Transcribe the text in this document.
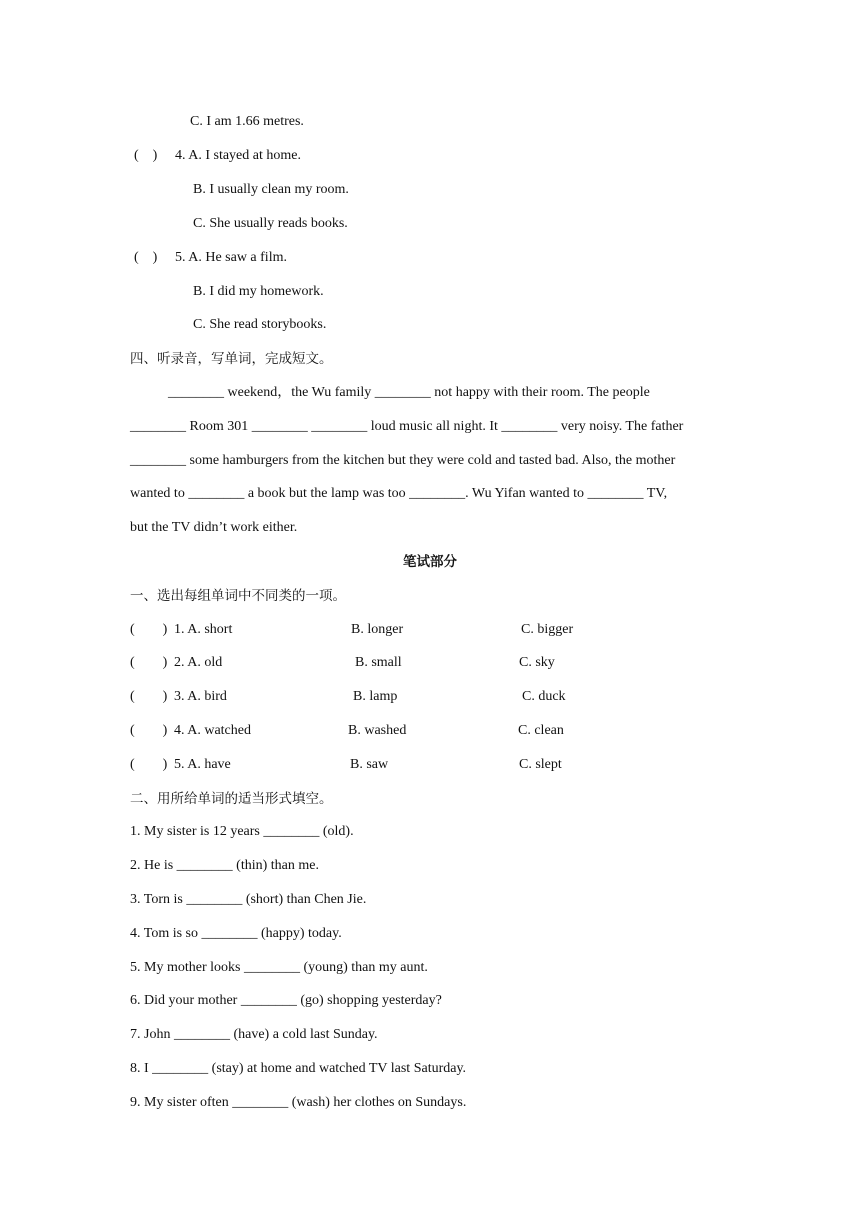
C. I am 1.66 metres.
(    ) 4. A. I stayed at home.
B. I usually clean my room.
C. She usually reads books.
(    ) 5. A. He saw a film.
B. I did my homework.
C. She read storybooks.
四、听录音，写单词，完成短文。
________ weekend，the Wu family ________ not happy with their room. The people
________ Room 301 ________ ________ loud music all night. It ________ very noisy. The father
________ some hamburgers from the kitchen but they were cold and tasted bad. Also, the mother
wanted to ________ a book but the lamp was too ________. Wu Yifan wanted to ________ TV,
but the TV didn’t work either.
笔试部分
一、选出每组单词中不同类的一项。
(        ) 1. A. short	B. longer	C. bigger
(        ) 2. A. old	B. small	C. sky
(        ) 3. A. bird	B. lamp	C. duck
(        ) 4. A. watched	B. washed	C. clean
(        ) 5. A. have	B. saw	C. slept
二、用所给单词的适当形式填空。
1. My sister is 12 years ________ (old).
2. He is ________ (thin) than me.
3. Torn is ________ (short) than Chen Jie.
4. Tom is so ________ (happy) today.
5. My mother looks ________ (young) than my aunt.
6. Did your mother ________ (go) shopping yesterday?
7. John ________ (have) a cold last Sunday.
8. I ________ (stay) at home and watched TV last Saturday.
9. My sister often ________ (wash) her clothes on Sundays.
